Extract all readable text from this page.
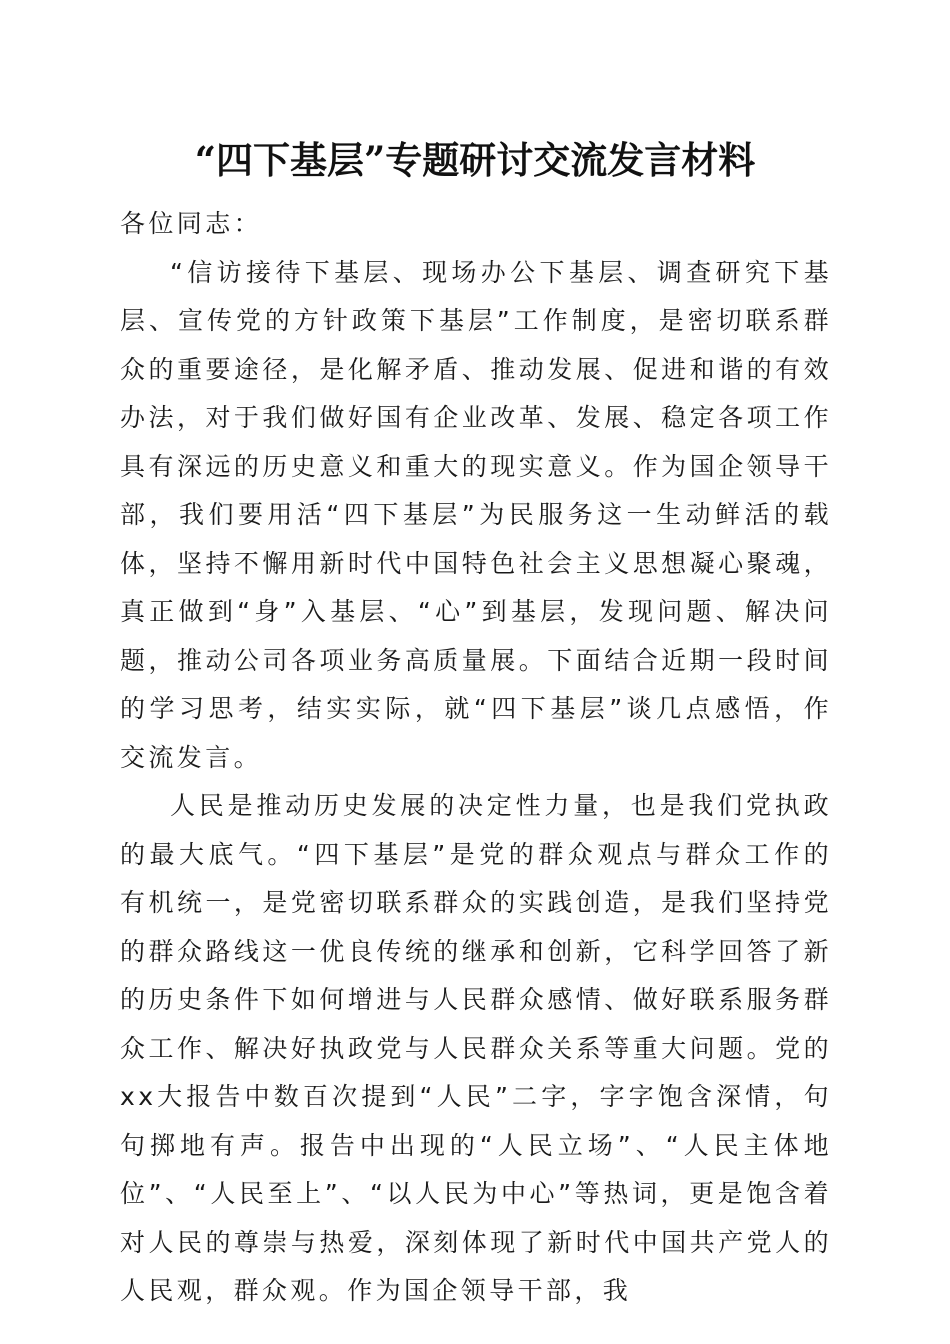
“四下基层”专题研讨交流发言材料

各位同志：

“信访接待下基层、现场办公下基层、调查研究下基层、宣传党的方针政策下基层”工作制度，是密切联系群众的重要途径，是化解矛盾、推动发展、促进和谐的有效办法，对于我们做好国有企业改革、发展、稳定各项工作具有深远的历史意义和重大的现实意义。作为国企领导干部，我们要用活“四下基层”为民服务这一生动鲜活的载体，坚持不懈用新时代中国特色社会主义思想凝心聚魂，真正做到“身”入基层、“心”到基层，发现问题、解决问题，推动公司各项业务高质量展。下面结合近期一段时间的学习思考，结实实际，就“四下基层”谈几点感悟，作交流发言。

人民是推动历史发展的决定性力量，也是我们党执政的最大底气。“四下基层”是党的群众观点与群众工作的有机统一，是党密切联系群众的实践创造，是我们坚持党的群众路线这一优良传统的继承和创新，它科学回答了新的历史条件下如何增进与人民群众感情、做好联系服务群众工作、解决好执政党与人民群众关系等重大问题。党的xx大报告中数百次提到“人民”二字，字字饱含深情，句句掷地有声。报告中出现的“人民立场”、“人民主体地位”、“人民至上”、“以人民为中心”等热词，更是饱含着对人民的尊崇与热爱，深刻体现了新时代中国共产党人的人民观，群众观。作为国企领导干部，我
